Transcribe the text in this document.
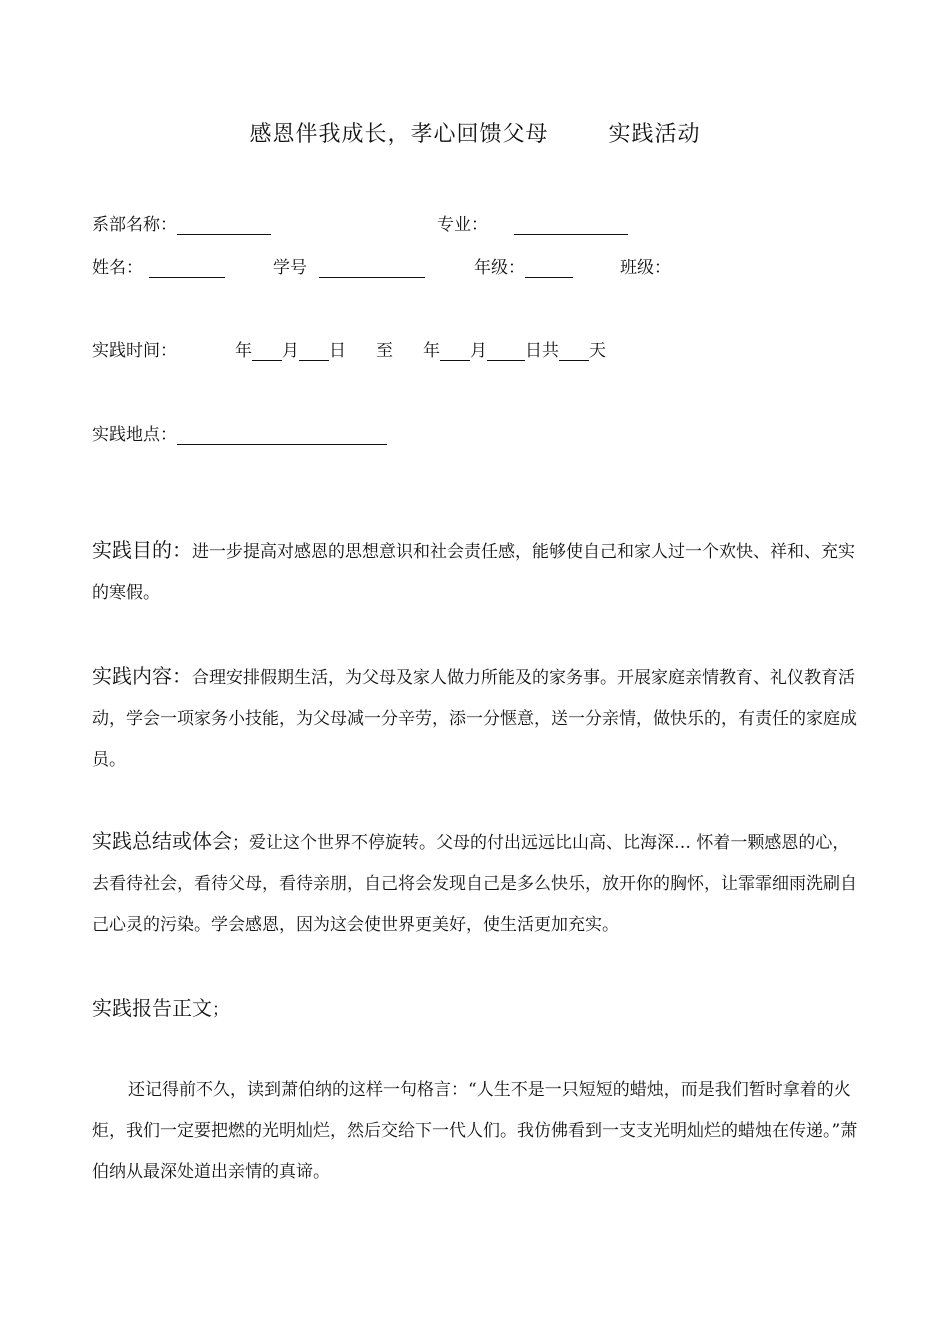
感恩伴我成长，孝心回馈父母	实践活动
系部名称：	专业：
姓名：	学号	年级：	班级：
实践时间：	年 月 日 至 年 月 日共 天
实践地点：
实践目的：进一步提高对感恩的思想意识和社会责任感，能够使自己和家人过一个欢快、祥和、充实的寒假。
实践内容：合理安排假期生活，为父母及家人做力所能及的家务事。开展家庭亲情教育、礼仪教育活动，学会一项家务小技能，为父母减一分辛劳，添一分惬意，送一分亲情，做快乐的，有责任的家庭成员。
实践总结或体会；爱让这个世界不停旋转。父母的付出远远比山高、比海深… 怀着一颗感恩的心，去看待社会，看待父母，看待亲朋，自己将会发现自己是多么快乐，放开你的胸怀，让霏霏细雨洗刷自己心灵的污染。学会感恩，因为这会使世界更美好，使生活更加充实。
实践报告正文；
还记得前不久，读到萧伯纳的这样一句格言：“人生不是一只短短的蜡烛，而是我们暂时拿着的火炬，我们一定要把燃的光明灿烂，然后交给下一代人们。我仿佛看到一支支光明灿烂的蜡烛在传递。”萧伯纳从最深处道出亲情的真谛。
